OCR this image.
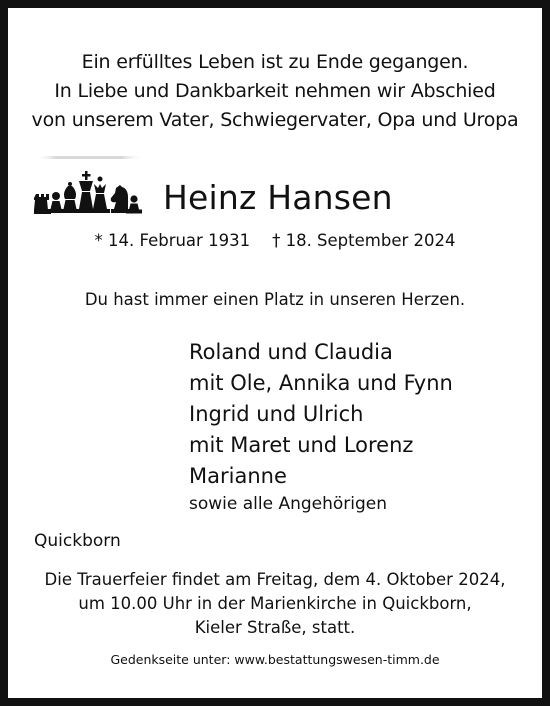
Ein erfülltes Leben ist zu Ende gegangen.
In Liebe und Dankbarkeit nehmen wir Abschied
von unserem Vater, Schwiegervater, Opa und Uropa
Heinz Hansen
* 14. Februar 1931 † 18. September 2024
Du hast immer einen Platz in unseren Herzen.
Roland und Claudia
mit Ole, Annika und Fynn
Ingrid und Ulrich
mit Maret und Lorenz
Marianne
sowie alle Angehörigen
Quickborn
Die Trauerfeier findet am Freitag, dem 4. Oktober 2024,
um 10.00 Uhr in der Marienkirche in Quickborn,
Kieler Straße, statt.
Gedenkseite unter: www.bestattungswesen-timm.de
